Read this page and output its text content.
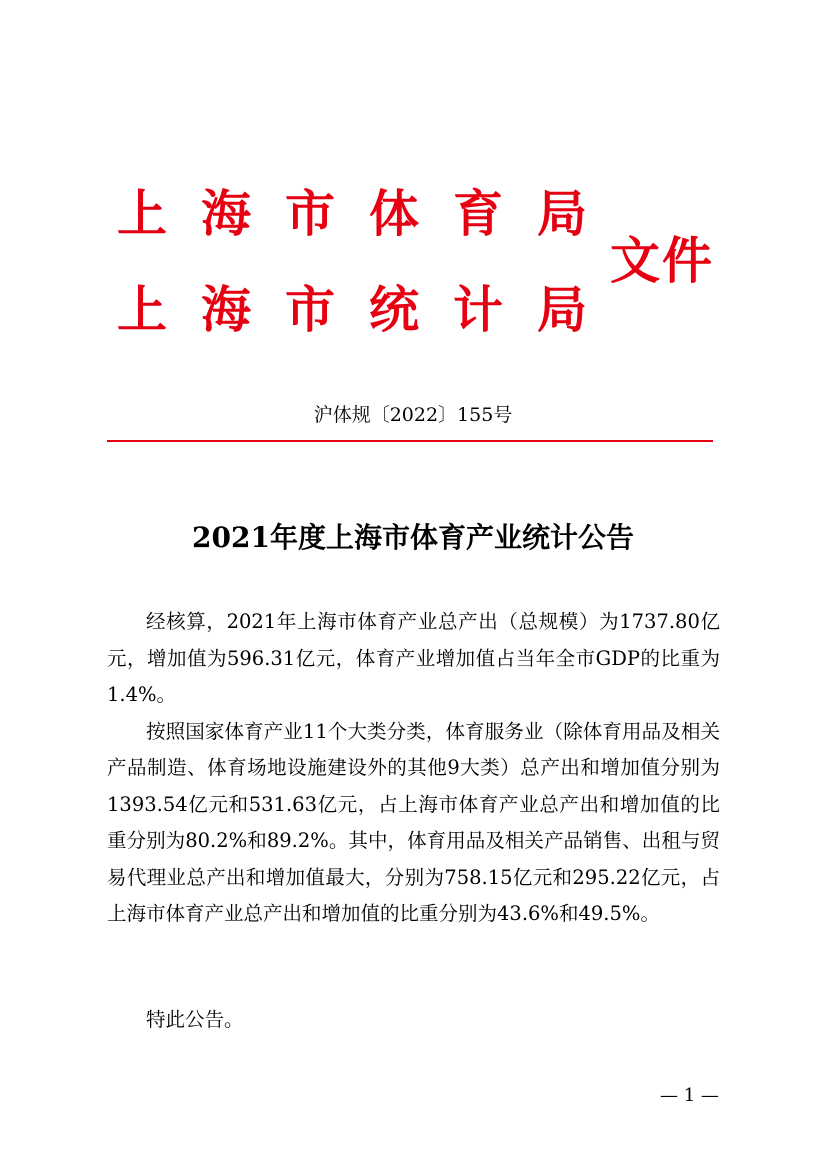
上海市体育局
上海市统计局
文件
沪体规〔2022〕155号
2021年度上海市体育产业统计公告

经核算，2021年上海市体育产业总产出（总规模）为1737.80亿元，增加值为596.31亿元，体育产业增加值占当年全市GDP的比重为1.4%。

按照国家体育产业11个大类分类，体育服务业（除体育用品及相关产品制造、体育场地设施建设外的其他9大类）总产出和增加值分别为1393.54亿元和531.63亿元，占上海市体育产业总产出和增加值的比重分别为80.2%和89.2%。其中，体育用品及相关产品销售、出租与贸易代理业总产出和增加值最大，分别为758.15亿元和295.22亿元，占上海市体育产业总产出和增加值的比重分别为43.6%和49.5%。

特此公告。
— 1 —
